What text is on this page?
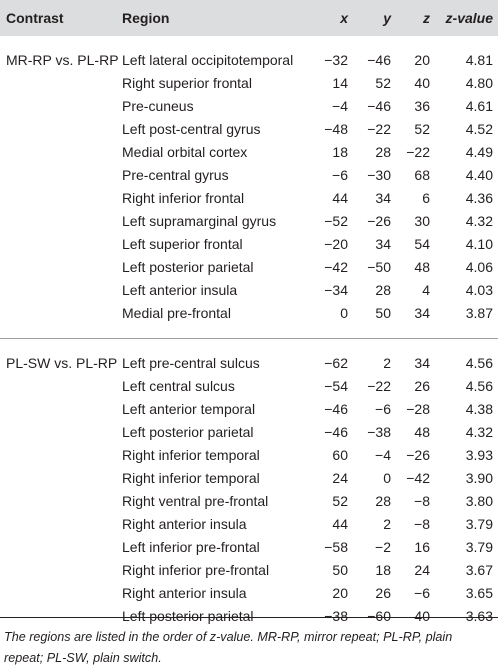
Contrast	Region	x	y	z	z-value

MR-RP vs. PL-RP	Left lateral occipitotemporal	−32	−46	20	4.81
	Right superior frontal	14	52	40	4.80
	Pre-cuneus	−4	−46	36	4.61
	Left post-central gyrus	−48	−22	52	4.52
	Medial orbital cortex	18	28	−22	4.49
	Pre-central gyrus	−6	−30	68	4.40
	Right inferior frontal	44	34	6	4.36
	Left supramarginal gyrus	−52	−26	30	4.32
	Left superior frontal	−20	34	54	4.10
	Left posterior parietal	−42	−50	48	4.06
	Left anterior insula	−34	28	4	4.03
	Medial pre-frontal	0	50	34	3.87

PL-SW vs. PL-RP	Left pre-central sulcus	−62	2	34	4.56
	Left central sulcus	−54	−22	26	4.56
	Left anterior temporal	−46	−6	−28	4.38
	Left posterior parietal	−46	−38	48	4.32
	Right inferior temporal	60	−4	−26	3.93
	Right inferior temporal	24	0	−42	3.90
	Right ventral pre-frontal	52	28	−8	3.80
	Right anterior insula	44	2	−8	3.79
	Left inferior pre-frontal	−58	−2	16	3.79
	Right inferior pre-frontal	50	18	24	3.67
	Right anterior insula	20	26	−6	3.65
	Left posterior parietal	−38	−60	40	3.63

The regions are listed in the order of z-value. MR-RP, mirror repeat; PL-RP, plain repeat; PL-SW, plain switch.
